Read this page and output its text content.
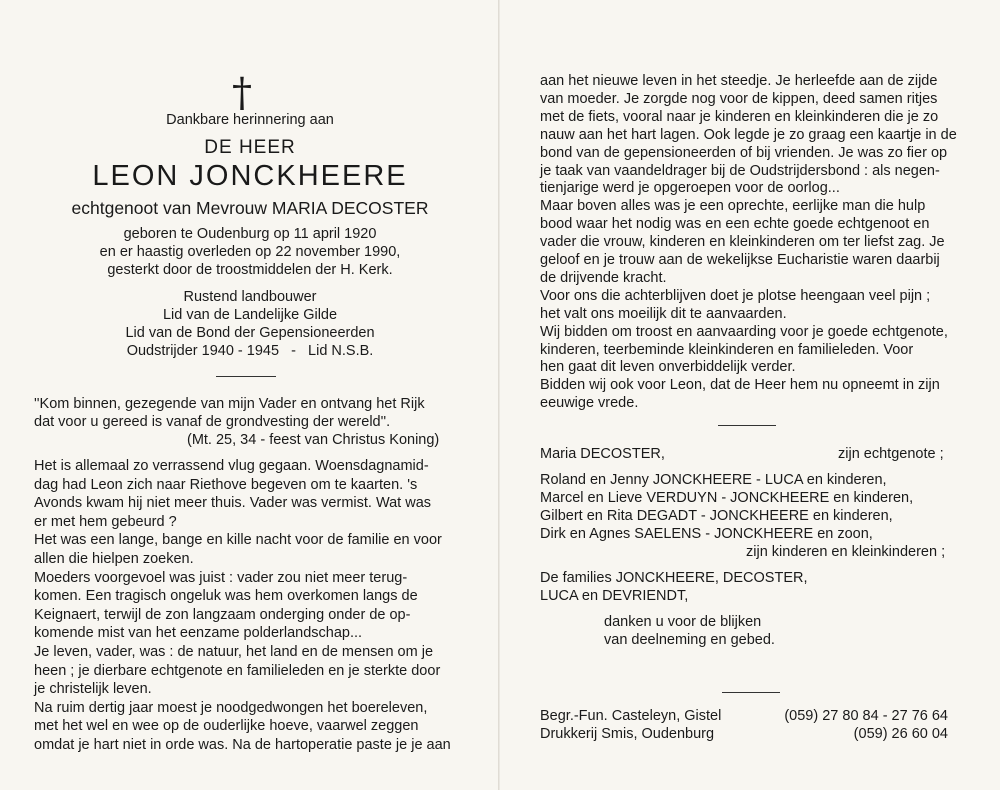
†
Dankbare herinnering aan
DE HEER
LEON JONCKHEERE
echtgenoot van Mevrouw MARIA DECOSTER
geboren te Oudenburg op 11 april 1920
en er haastig overleden op 22 november 1990,
gesterkt door de troostmiddelen der H. Kerk.
Rustend landbouwer
Lid van de Landelijke Gilde
Lid van de Bond der Gepensioneerden
Oudstrijder 1940 - 1945   -   Lid N.S.B.
''Kom binnen, gezegende van mijn Vader en ontvang het Rijk
dat voor u gereed is vanaf de grondvesting der wereld''.
(Mt. 25, 34 - feest van Christus Koning)
Het is allemaal zo verrassend vlug gegaan. Woensdagnamid-
dag had Leon zich naar Riethove begeven om te kaarten. 's
Avonds kwam hij niet meer thuis. Vader was vermist. Wat was
er met hem gebeurd ?
Het was een lange, bange en kille nacht voor de familie en voor
allen die hielpen zoeken.
Moeders voorgevoel was juist : vader zou niet meer terug-
komen. Een tragisch ongeluk was hem overkomen langs de
Keignaert, terwijl de zon langzaam onderging onder de op-
komende mist van het eenzame polderlandschap...
Je leven, vader, was : de natuur, het land en de mensen om je
heen ; je dierbare echtgenote en familieleden en je sterkte door
je christelijk leven.
Na ruim dertig jaar moest je noodgedwongen het boereleven,
met het wel en wee op de ouderlijke hoeve, vaarwel zeggen
omdat je hart niet in orde was. Na de hartoperatie paste je je aan
aan het nieuwe leven in het steedje. Je herleefde aan de zijde
van moeder. Je zorgde nog voor de kippen, deed samen ritjes
met de fiets, vooral naar je kinderen en kleinkinderen die je zo
nauw aan het hart lagen. Ook legde je zo graag een kaartje in de
bond van de gepensioneerden of bij vrienden. Je was zo fier op
je taak van vaandeldrager bij de Oudstrijdersbond : als negen-
tienjarige werd je opgeroepen voor de oorlog...
Maar boven alles was je een oprechte, eerlijke man die hulp
bood waar het nodig was en een echte goede echtgenoot en
vader die vrouw, kinderen en kleinkinderen om ter liefst zag. Je
geloof en je trouw aan de wekelijkse Eucharistie waren daarbij
de drijvende kracht.
Voor ons die achterblijven doet je plotse heengaan veel pijn ;
het valt ons moeilijk dit te aanvaarden.
Wij bidden om troost en aanvaarding voor je goede echtgenote,
kinderen, teerbeminde kleinkinderen en familieleden. Voor
hen gaat dit leven onverbiddelijk verder.
Bidden wij ook voor Leon, dat de Heer hem nu opneemt in zijn
eeuwige vrede.
Maria DECOSTER,	zijn echtgenote ;
Roland en Jenny JONCKHEERE - LUCA en kinderen,
Marcel en Lieve VERDUYN - JONCKHEERE en kinderen,
Gilbert en Rita DEGADT - JONCKHEERE en kinderen,
Dirk en Agnes SAELENS - JONCKHEERE en zoon,
zijn kinderen en kleinkinderen ;
De families JONCKHEERE, DECOSTER,
LUCA en DEVRIENDT,
danken u voor de blijken
van deelneming en gebed.
Begr.-Fun. Casteleyn, Gistel	(059) 27 80 84 - 27 76 64
Drukkerij Smis, Oudenburg	(059) 26 60 04
